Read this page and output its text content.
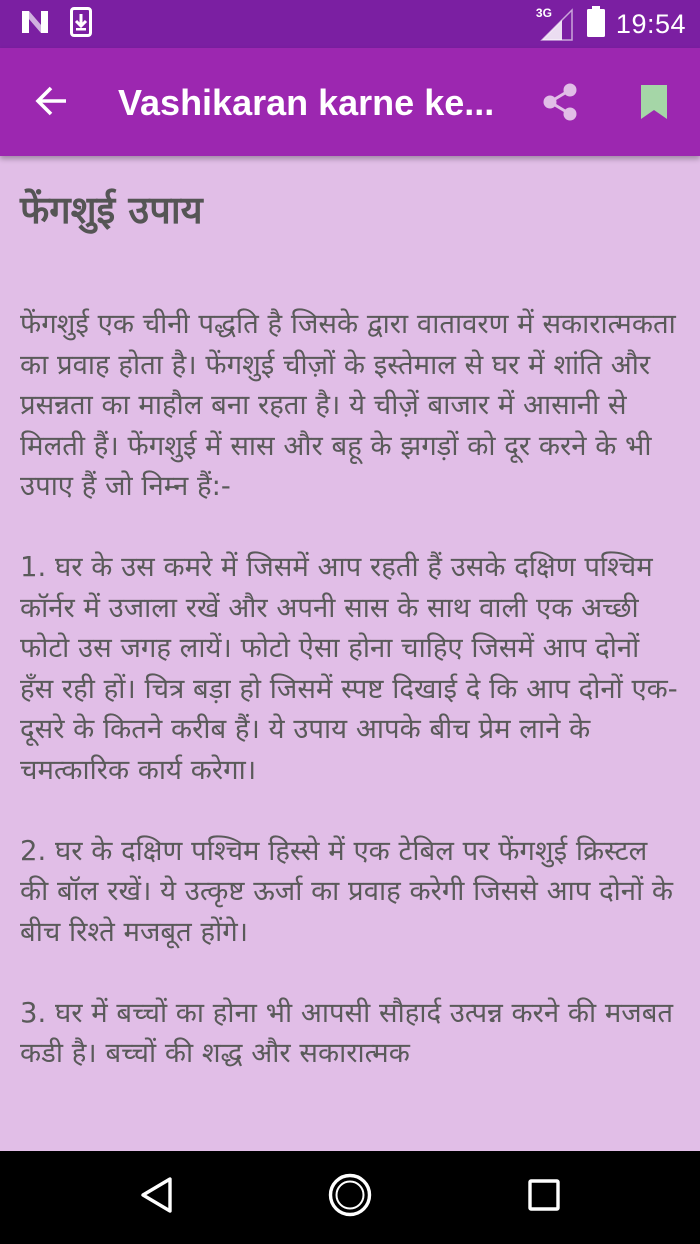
3G 19:54
Vashikaran karne ke...
फेंगशुई उपाय

फेंगशुई एक चीनी पद्धति है जिसके द्वारा वातावरण में सकारात्मकता का प्रवाह होता है। फेंगशुई चीज़ों के इस्तेमाल से घर में शांति और प्रसन्नता का माहौल बना रहता है। ये चीज़ें बाजार में आसानी से मिलती हैं। फेंगशुई में सास और बहू के झगड़ों को दूर करने के भी उपाए हैं जो निम्न हैं:-

1. घर के उस कमरे में जिसमें आप रहती हैं उसके दक्षिण पश्चिम कॉर्नर में उजाला रखें और अपनी सास के साथ वाली एक अच्छी फोटो उस जगह लायें। फोटो ऐसा होना चाहिए जिसमें आप दोनों हँस रही हों। चित्र बड़ा हो जिसमें स्पष्ट दिखाई दे कि आप दोनों एक-दूसरे के कितने करीब हैं। ये उपाय आपके बीच प्रेम लाने के चमत्कारिक कार्य करेगा।

2. घर के दक्षिण पश्चिम हिस्से में एक टेबिल पर फेंगशुई क्रिस्टल की बॉल रखें। ये उत्कृष्ट ऊर्जा का प्रवाह करेगी जिससे आप दोनों के बीच रिश्ते मजबूत होंगे।

3. घर में बच्चों का होना भी आपसी सौहार्द उत्पन्न करने की मजबत कडी है। बच्चों की शद्ध और सकारात्मक
